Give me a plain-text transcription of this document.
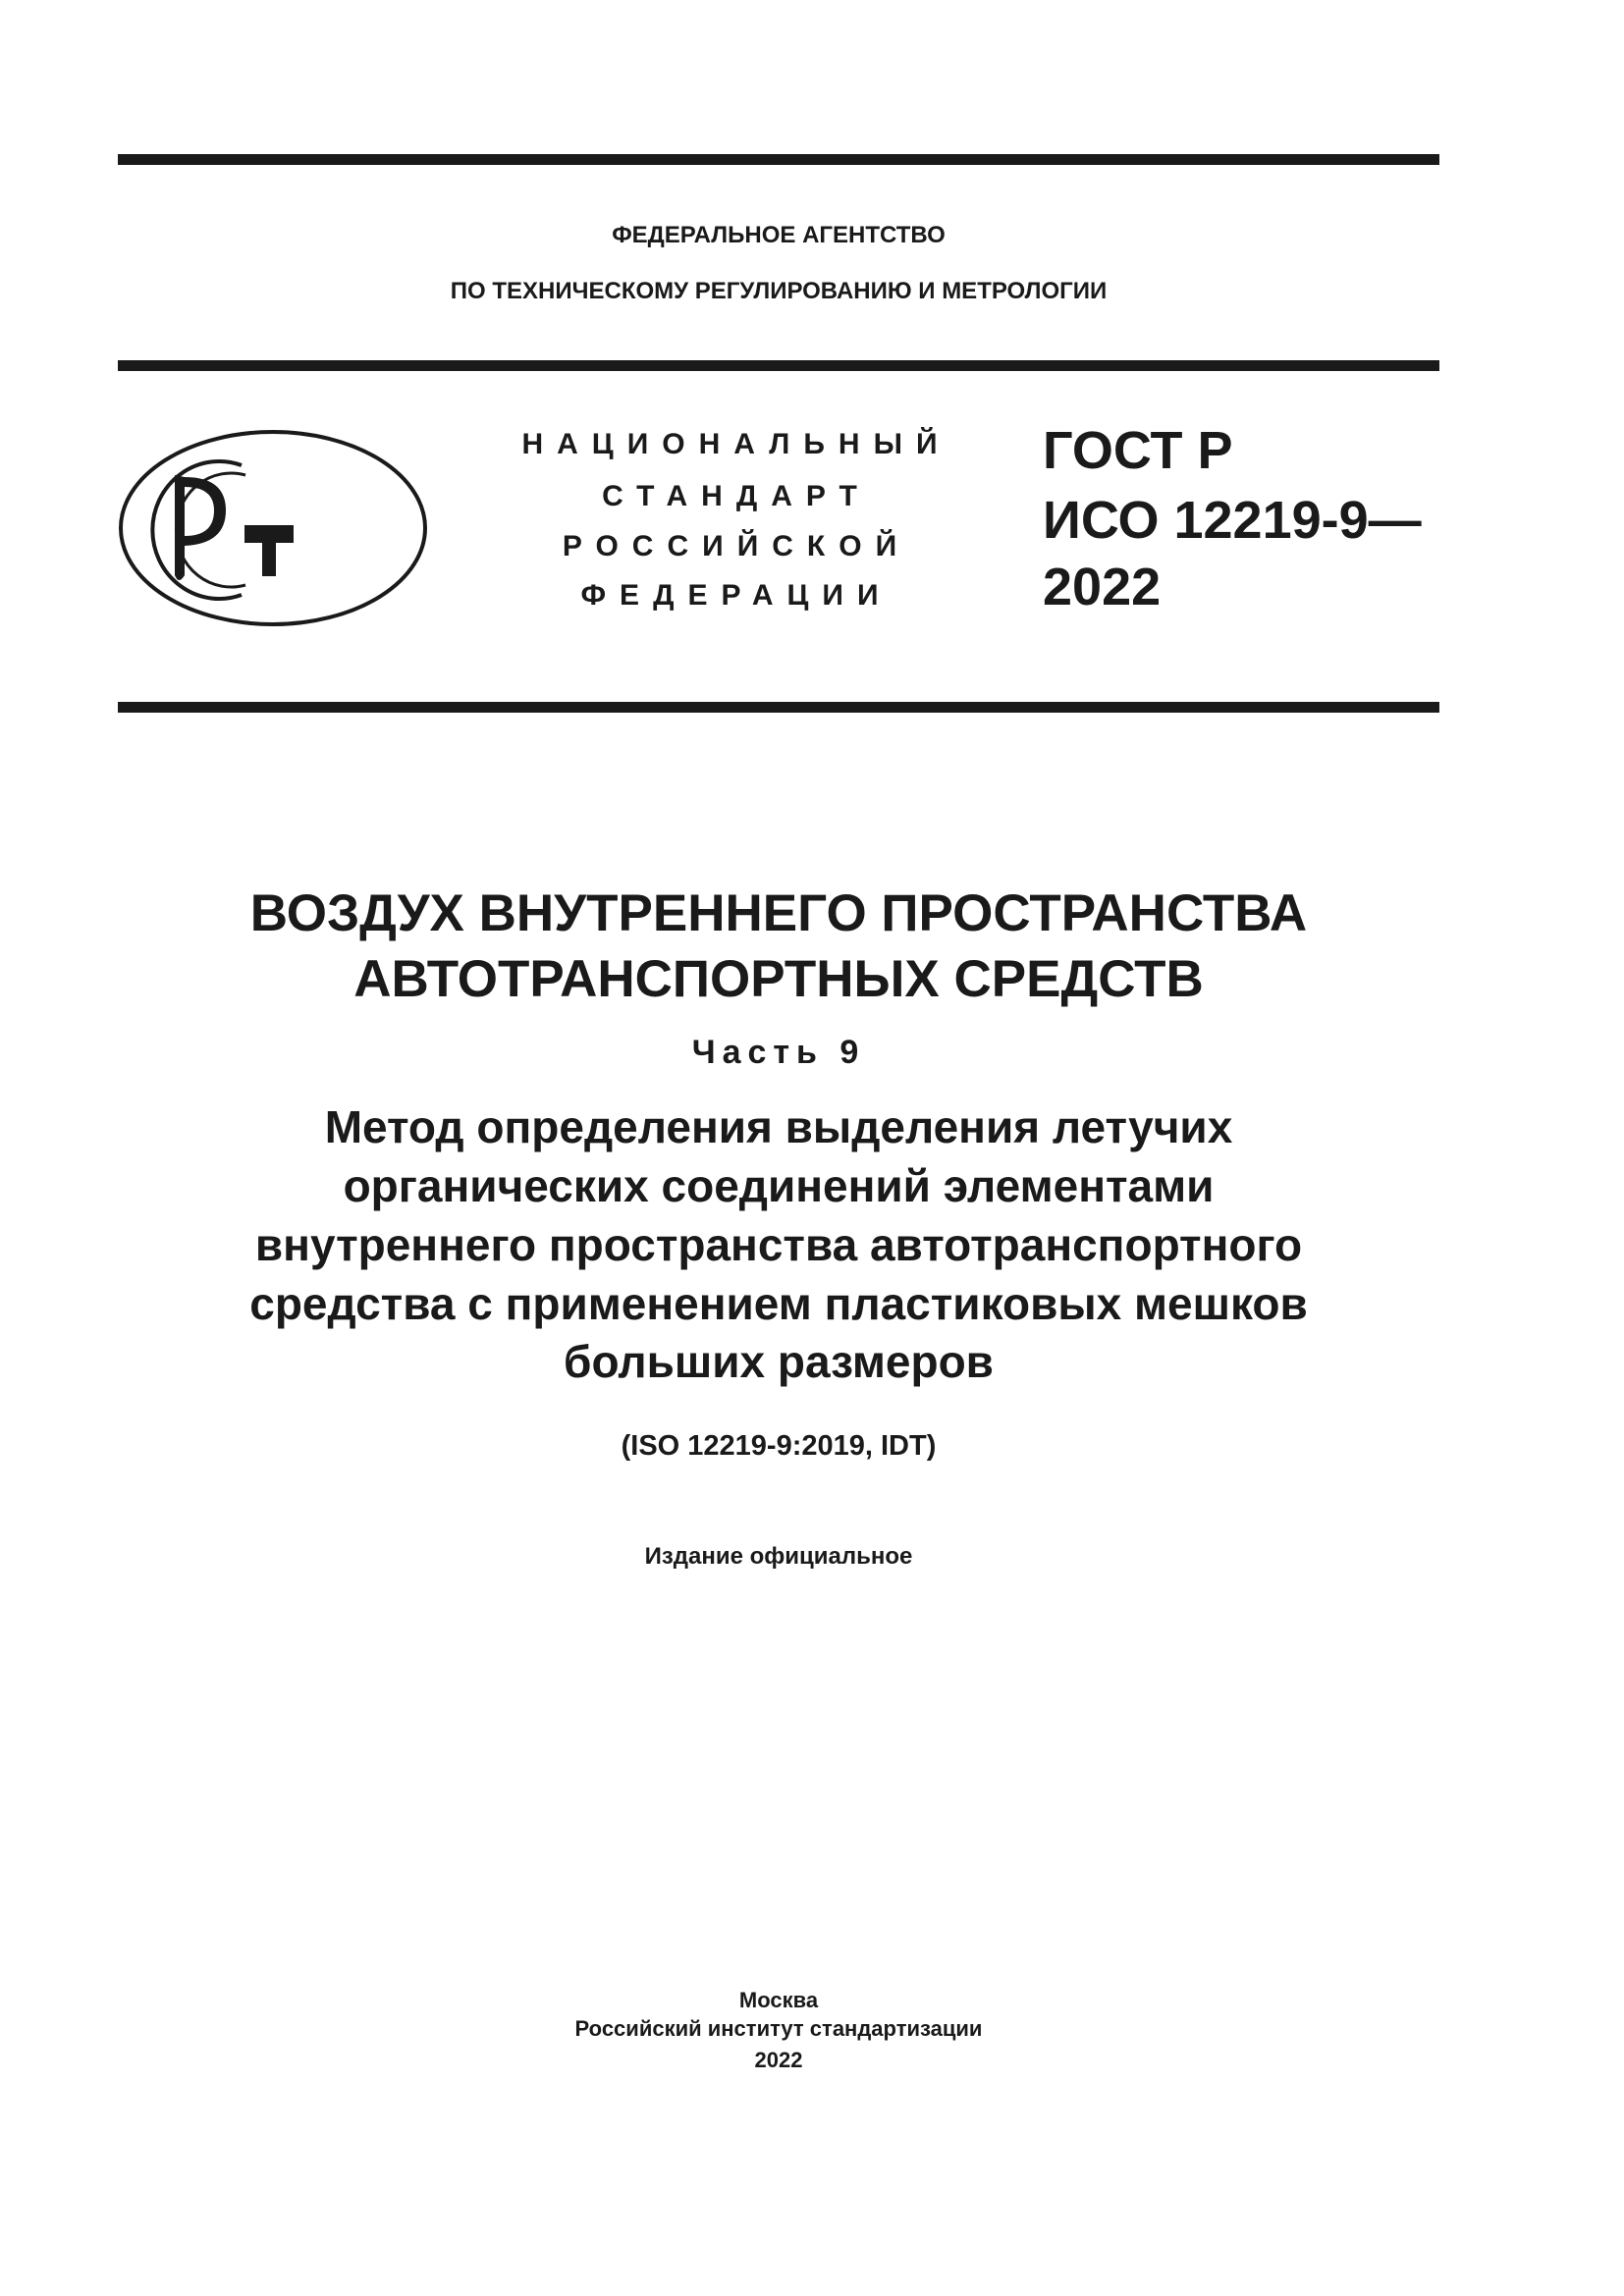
ФЕДЕРАЛЬНОЕ АГЕНТСТВО
ПО ТЕХНИЧЕСКОМУ РЕГУЛИРОВАНИЮ И МЕТРОЛОГИИ
НАЦИОНАЛЬНЫЙ
СТАНДАРТ
РОССИЙСКОЙ
ФЕДЕРАЦИИ
ГОСТ Р
ИСО 12219-9—
2022
ВОЗДУХ ВНУТРЕННЕГО ПРОСТРАНСТВА
АВТОТРАНСПОРТНЫХ СРЕДСТВ
Часть 9
Метод определения выделения летучих
органических соединений элементами
внутреннего пространства автотранспортного
средства с применением пластиковых мешков
больших размеров
(ISO 12219-9:2019, IDT)
Издание официальное
Москва
Российский институт стандартизации
2022
